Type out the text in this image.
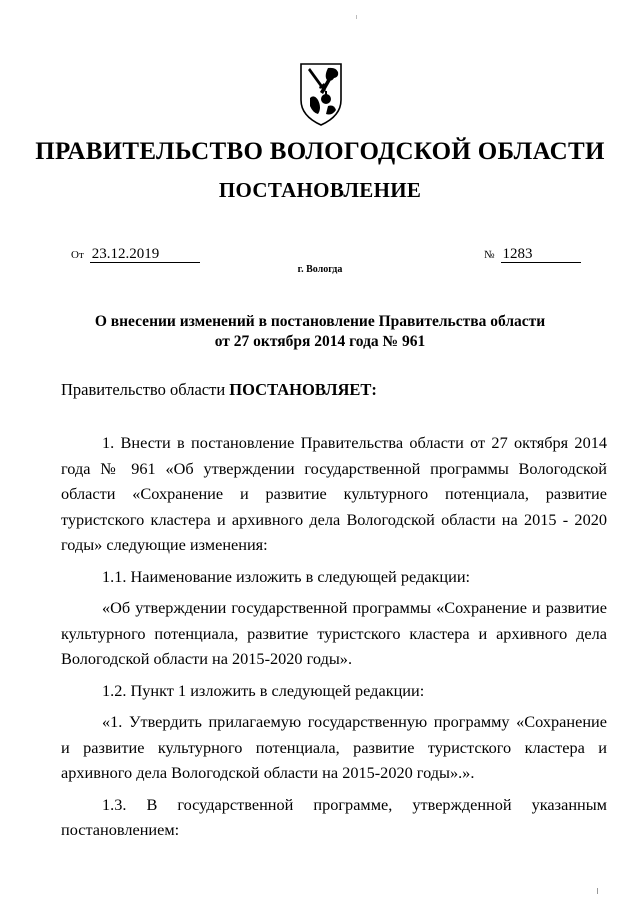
ПРАВИТЕЛЬСТВО ВОЛОГОДСКОЙ ОБЛАСТИ
ПОСТАНОВЛЕНИЕ
От 23.12.2019	№ 1283
г. Вологда
О внесении изменений в постановление Правительства области
от 27 октября 2014 года № 961
Правительство области ПОСТАНОВЛЯЕТ:

1. Внести в постановление Правительства области от 27 октября 2014 года № 961 «Об утверждении государственной программы Вологодской области «Сохранение и развитие культурного потенциала, развитие туристского кластера и архивного дела Вологодской области на 2015 - 2020 годы» следующие изменения:

1.1. Наименование изложить в следующей редакции:

«Об утверждении государственной программы «Сохранение и развитие культурного потенциала, развитие туристского кластера и архивного дела Вологодской области на 2015-2020 годы».

1.2. Пункт 1 изложить в следующей редакции:

«1. Утвердить прилагаемую государственную программу «Сохранение и развитие культурного потенциала, развитие туристского кластера и архивного дела Вологодской области на 2015-2020 годы».».

1.3. В государственной программе, утвержденной указанным постановлением:
